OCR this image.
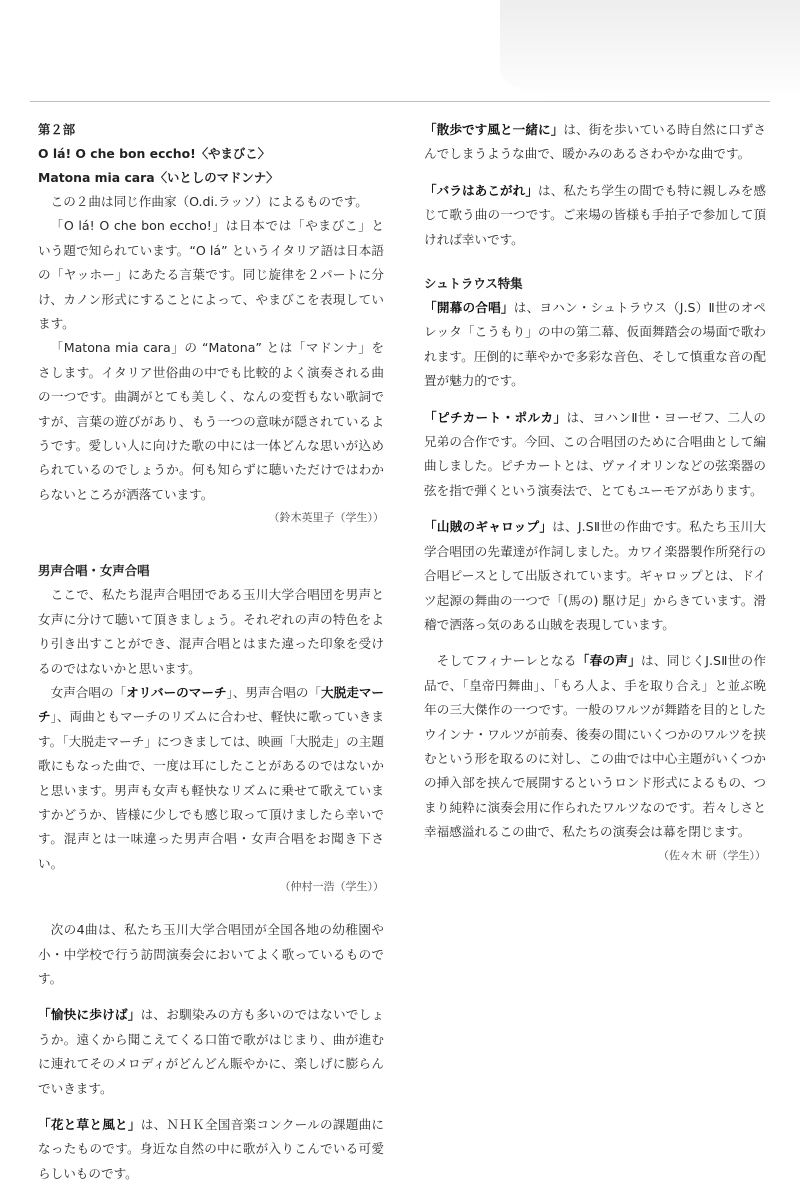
第２部
O lá! O che bon eccho!〈やまびこ〉
Matona mia cara〈いとしのマドンナ〉

この２曲は同じ作曲家（O.di.ラッソ）によるものです。

「O lá! O che bon eccho!」は日本では「やまびこ」という題で知られています。“O lá” というイタリア語は日本語の「ヤッホー」にあたる言葉です。同じ旋律を２パートに分け、カノン形式にすることによって、やまびこを表現しています。

「Matona mia cara」の “Matona” とは「マドンナ」をさします。イタリア世俗曲の中でも比較的よく演奏される曲の一つです。曲調がとても美しく、なんの変哲もない歌詞ですが、言葉の遊びがあり、もう一つの意味が隠されているようです。愛しい人に向けた歌の中には一体どんな思いが込められているのでしょうか。何も知らずに聴いただけではわからないところが洒落ています。

（鈴木英里子（学生））

男声合唱・女声合唱

ここで、私たち混声合唱団である玉川大学合唱団を男声と女声に分けて聴いて頂きましょう。それぞれの声の特色をより引き出すことができ、混声合唱とはまた違った印象を受けるのではないかと思います。

女声合唱の「オリバーのマーチ」、男声合唱の「大脱走マーチ」、両曲ともマーチのリズムに合わせ、軽快に歌っていきます。「大脱走マーチ」につきましては、映画「大脱走」の主題歌にもなった曲で、一度は耳にしたことがあるのではないかと思います。男声も女声も軽快なリズムに乗せて歌えていますかどうか、皆様に少しでも感じ取って頂けましたら幸いです。混声とは一味違った男声合唱・女声合唱をお聞き下さい。

（仲村一浩（学生））

次の4曲は、私たち玉川大学合唱団が全国各地の幼稚園や小・中学校で行う訪問演奏会においてよく歌っているものです。

「愉快に歩けば」は、お馴染みの方も多いのではないでしょうか。遠くから聞こえてくる口笛で歌がはじまり、曲が進むに連れてそのメロディがどんどん賑やかに、楽しげに膨らんでいきます。

「花と草と風と」は、ＮＨＫ全国音楽コンクールの課題曲になったものです。身近な自然の中に歌が入りこんでいる可愛らしいものです。

「散歩です風と一緒に」は、街を歩いている時自然に口ずさんでしまうような曲で、暖かみのあるさわやかな曲です。

「バラはあこがれ」は、私たち学生の間でも特に親しみを感じて歌う曲の一つです。ご来場の皆様も手拍子で参加して頂ければ幸いです。

シュトラウス特集

「開幕の合唱」は、ヨハン・シュトラウス（J.S）Ⅱ世のオペレッタ「こうもり」の中の第二幕、仮面舞踏会の場面で歌われます。圧倒的に華やかで多彩な音色、そして慎重な音の配置が魅力的です。

「ピチカート・ポルカ」は、ヨハンⅡ世・ヨーゼフ、二人の兄弟の合作です。今回、この合唱団のために合唱曲として編曲しました。ピチカートとは、ヴァイオリンなどの弦楽器の弦を指で弾くという演奏法で、とてもユーモアがあります。

「山賊のギャロップ」は、J.SⅡ世の作曲です。私たち玉川大学合唱団の先輩達が作詞しました。カワイ楽器製作所発行の合唱ピースとして出版されています。ギャロップとは、ドイツ起源の舞曲の一つで「(馬の) 駆け足」からきています。滑稽で洒落っ気のある山賊を表現しています。

そしてフィナーレとなる「春の声」は、同じくJ.SⅡ世の作品で、「皇帝円舞曲」、「もろ人よ、手を取り合え」と並ぶ晩年の三大傑作の一つです。一般のワルツが舞踏を目的としたウインナ・ワルツが前奏、後奏の間にいくつかのワルツを挟むという形を取るのに対し、この曲では中心主題がいくつかの挿入部を挟んで展開するというロンド形式によるもの、つまり純粋に演奏会用に作られたワルツなのです。若々しさと幸福感溢れるこの曲で、私たちの演奏会は幕を閉じます。

（佐々木 研（学生））
